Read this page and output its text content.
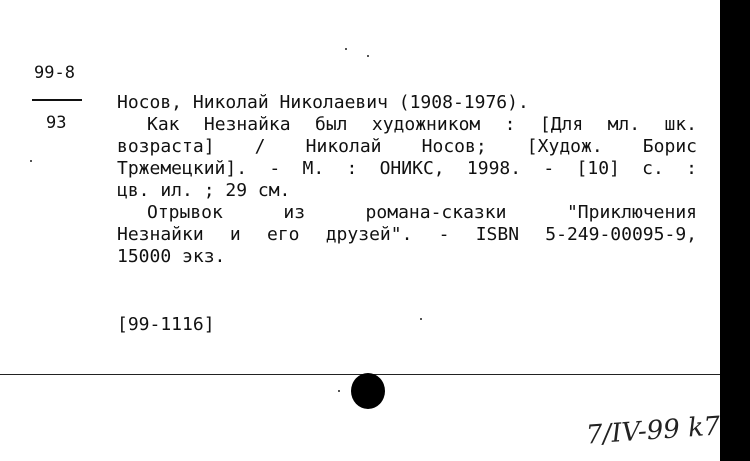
99-8
93
Носов, Николай Николаевич (1908-1976).
Как Незнайка был художником : [Для мл. шк.
возраста] / Николай Носов; [Худож. Борис
Тржемецкий]. - М. : ОНИКС, 1998. - [10] с. :
цв. ил. ; 29 см.
Отрывок из романа-сказки "Приключения
Незнайки и его друзей". - ISBN 5-249-00095-9,
15000 экз.
[99-1116]
7/IV-99 k7
